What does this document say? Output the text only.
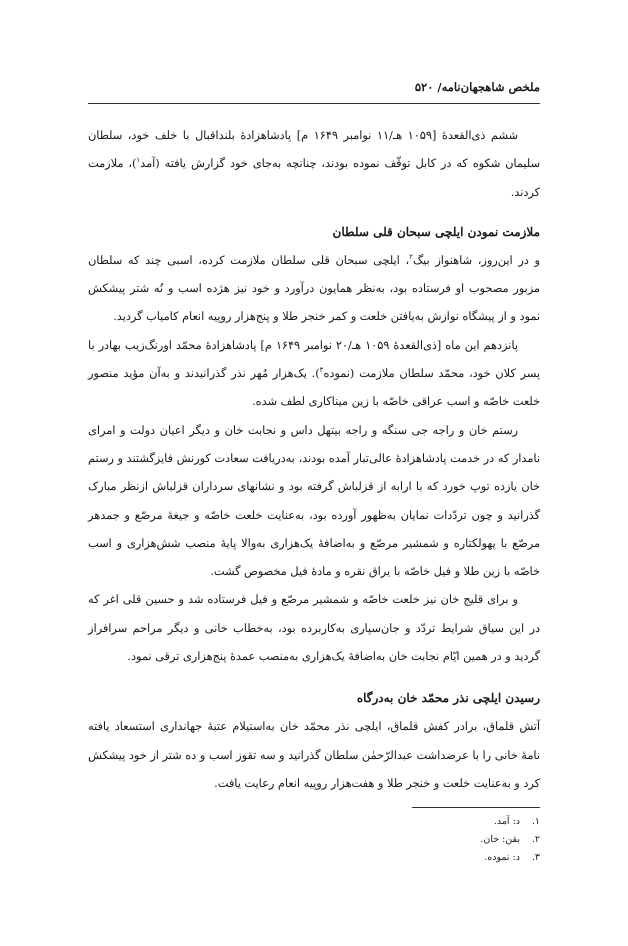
ملخص شاهجهان‌نامه/ ۵۲۰

ششم ذی‌القعدهٔ [۱۰۵۹ هـ/۱۱ نوامبر ۱۶۴۹ م] پادشاهزادهٔ بلنداقبال با خلف خود، سلطان سلیمان شکوه که در کابل توقّف نموده بودند، چنانچه به‌جای خود گزارش یافته (آمد$^۱$)، ملازمت کردند.

ملازمت نمودن ایلچی سبحان قلی سلطان

و در این‌روز، شاهنواز بیگ$^۲$، ایلچی سبحان قلی سلطان ملازمت کرده، اسبی چند که سلطان مزبور مصحوب او فرستاده بود، به‌نظر همایون درآورد و خود نیز هژده اسب و نُه شتر پیشکش نمود و از پیشگاه نوازش به‌یافتن خلعت و کمر خنجر طلا و پنج‌هزار روپیه انعام کامیاب گردید.

پانزدهم این ماه [ذی‌القعدهٔ ۱۰۵۹ هـ/۲۰ نوامبر ۱۶۴۹ م] پادشاهزادهٔ محمّد اورنگ‌زیب بهادر با پسر کلان خود، محمّد سلطان ملازمت (نموده$^۳$). یک‌هزار مُهر نذر گذرانیدند و به‌آن مؤید منصور خلعت خاصّه و اسب عراقی خاصّه با زین میناکاری لطف شده.

رستم خان و راجه جی سنگه و راجه بیتهل داس و نجابت خان و دیگر اعیان دولت و امرای نامدار که در خدمت پادشاهزادهٔ عالی‌تبار آمده بودند، به‌دریافت سعادت کورنش فایزگشتند و رستم خان یازده توپ خورد که با ارابه از قزلباش گرفته بود و نشانهای سرداران قزلباش ازنظر مبارک گذرانید و چون تردّدات نمایان به‌ظهور آورده بود، به‌عنایت خلعت خاصّه و جیغهٔ مرصّع و جمدهر مرصّع با پهولکتاره و شمشیر مرصّع و به‌اضافهٔ یک‌هزاری به‌والا پایهٔ منصب شش‌هزاری و اسب خاصّه با زین طلا و فیل خاصّه با یراق نقره و مادهٔ فیل مخصوص گشت.

و برای قلیج خان نیز خلعت خاصّه و شمشیر مرصّع و فیل فرستاده شد و حسین قلی اغر که در این سیاق شرایط تردّد و جان‌سپاری به‌کاربرده بود، به‌خطاب خانی و دیگر مراحم سرافراز گردید و در همین ایّام نجابت خان به‌اضافهٔ یک‌هزاری به‌منصب عمدهٔ پنج‌هزاری ترقی نمود.

رسیدن ایلچی نذر محمّد خان به‌درگاه

آتش قلماق، برادر کفش قلماق، ایلچی نذر محمّد خان به‌استیلام عتبهٔ جهانداری استسعاد یافته نامهٔ خانی را با عرضداشت عبدالرّحمٰن سلطان گذرانید و سه تقوز اسب و ده شتر از خود پیشکش کرد و به‌عنایت خلعت و خنجر طلا و هفت‌هزار روپیه انعام رعایت یافت.

۱.
د: آمد.
۲.
بقن: خان.
۳.
د: نموده.
